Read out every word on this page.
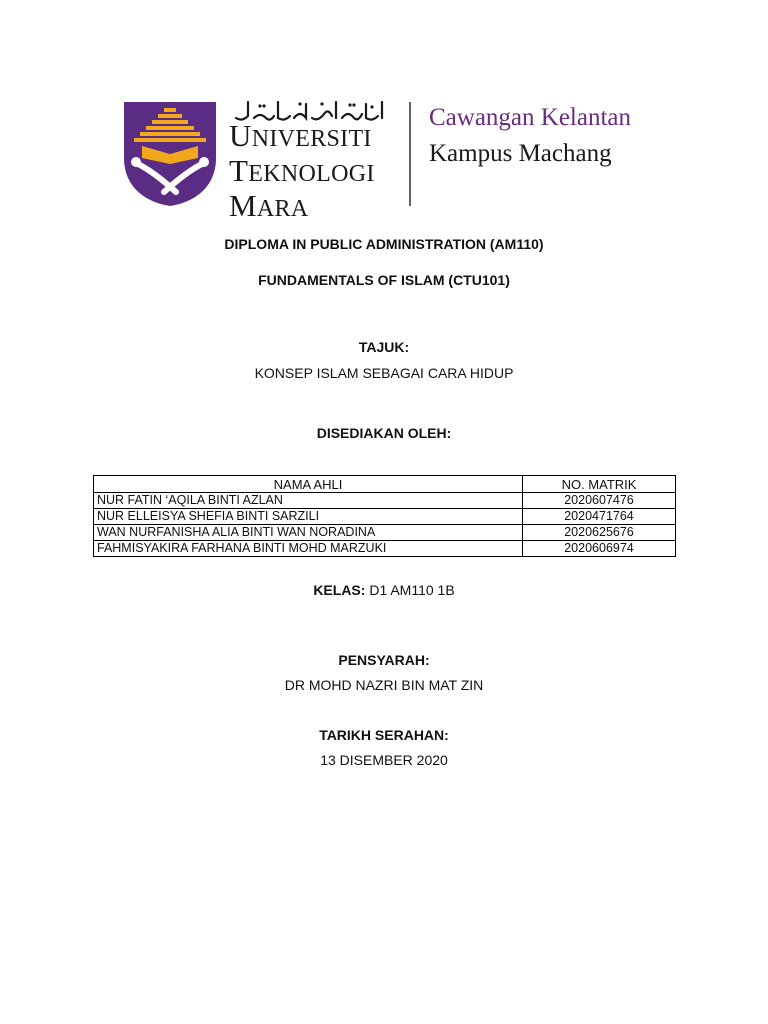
UNIVERSITI
TEKNOLOGI
MARA
Cawangan Kelantan
Kampus Machang
DIPLOMA IN PUBLIC ADMINISTRATION (AM110)
FUNDAMENTALS OF ISLAM (CTU101)
TAJUK:
KONSEP ISLAM SEBAGAI CARA HIDUP
DISEDIAKAN OLEH:
NAMA AHLI	NO. MATRIK
NUR FATIN ‘AQILA BINTI AZLAN	2020607476
NUR ELLEISYA SHEFIA BINTI SARZILI	2020471764
WAN NURFANISHA ALIA BINTI WAN NORADINA	2020625676
FAHMISYAKIRA FARHANA BINTI MOHD MARZUKI	2020606974
KELAS: D1 AM110 1B
PENSYARAH:
DR MOHD NAZRI BIN MAT ZIN
TARIKH SERAHAN:
13 DISEMBER 2020
